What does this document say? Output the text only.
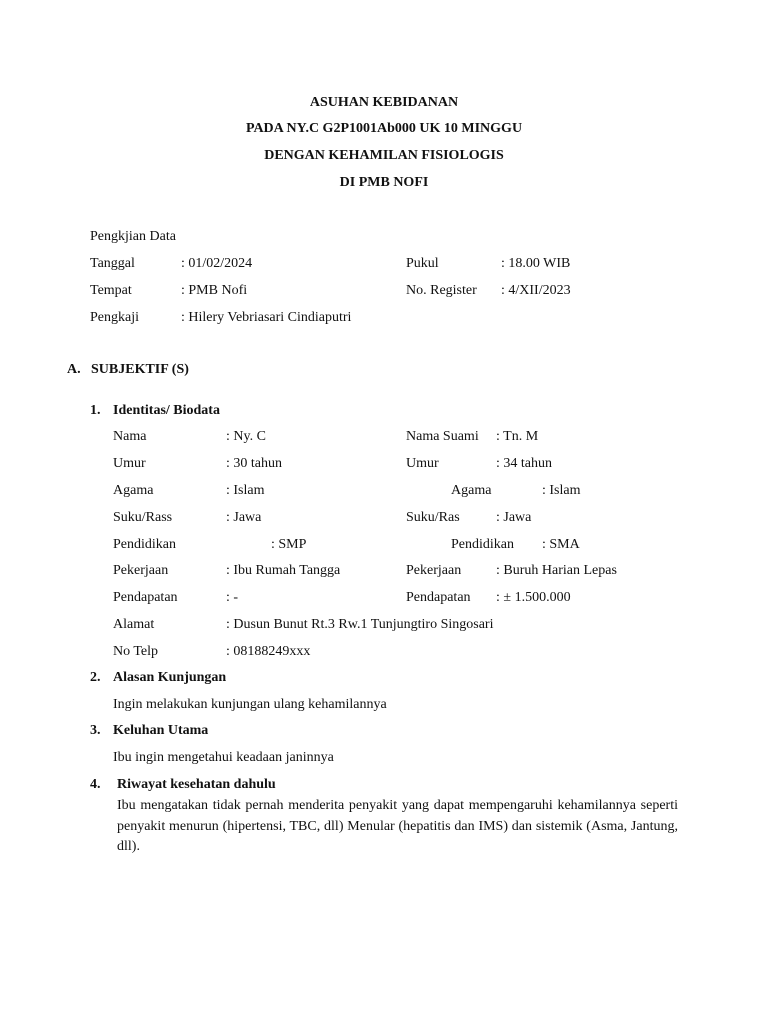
ASUHAN KEBIDANAN
PADA NY.C G2P1001Ab000 UK 10 MINGGU
DENGAN KEHAMILAN FISIOLOGIS
DI PMB NOFI
Pengkjian Data
Tanggal	: 01/02/2024	Pukul	: 18.00 WIB
Tempat	: PMB Nofi	No. Register : 4/XII/2023
Pengkaji	: Hilery Vebriasari Cindiaputri
A. SUBJEKTIF (S)
1. Identitas/ Biodata
Nama	: Ny. C	Nama Suami : Tn. M
Umur	: 30 tahun	Umur	: 34 tahun
Agama	: Islam	Agama	: Islam
Suku/Rass	: Jawa	Suku/Ras	: Jawa
Pendidikan	: SMP	Pendidikan : SMA
Pekerjaan	: Ibu Rumah Tangga	Pekerjaan : Buruh Harian Lepas
Pendapatan	: -	Pendapatan : ± 1.500.000
Alamat	: Dusun Bunut Rt.3 Rw.1 Tunjungtiro Singosari
No Telp	: 08188249xxx
2. Alasan Kunjungan
Ingin melakukan kunjungan ulang kehamilannya
3. Keluhan Utama
Ibu ingin mengetahui keadaan janinnya
4. Riwayat kesehatan dahulu
Ibu mengatakan tidak pernah menderita penyakit yang dapat mempengaruhi kehamilannya seperti penyakit menurun (hipertensi, TBC, dll) Menular (hepatitis dan IMS) dan sistemik (Asma, Jantung, dll).
